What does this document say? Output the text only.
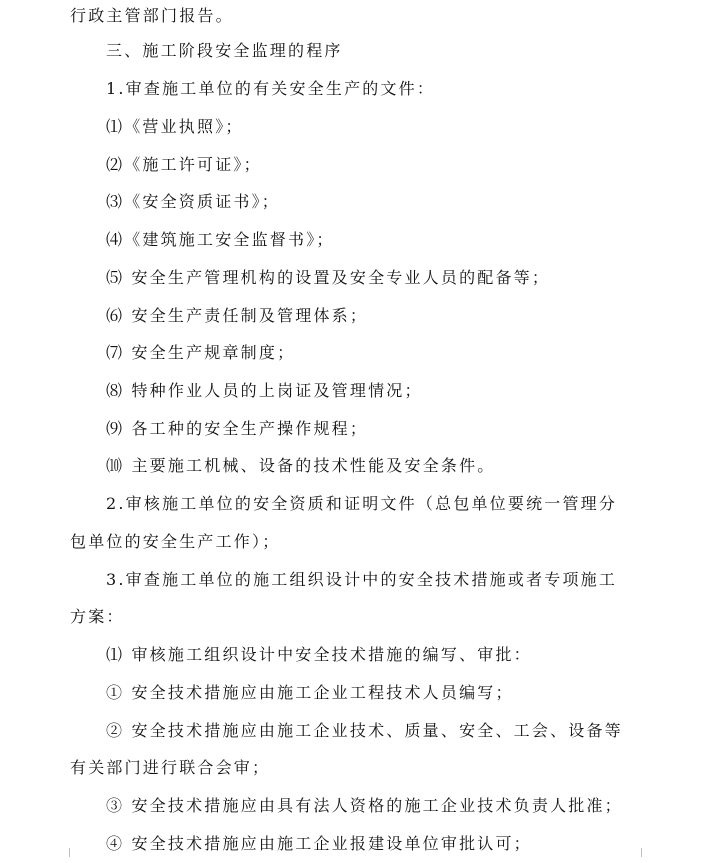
行政主管部门报告。
三、施工阶段安全监理的程序
1.审查施工单位的有关安全生产的文件：
⑴《营业执照》；
⑵《施工许可证》；
⑶《安全资质证书》；
⑷《建筑施工安全监督书》；
⑸ 安全生产管理机构的设置及安全专业人员的配备等；
⑹ 安全生产责任制及管理体系；
⑺ 安全生产规章制度；
⑻ 特种作业人员的上岗证及管理情况；
⑼ 各工种的安全生产操作规程；
⑽ 主要施工机械、设备的技术性能及安全条件。
2.审核施工单位的安全资质和证明文件（总包单位要统一管理分
包单位的安全生产工作）；
3.审查施工单位的施工组织设计中的安全技术措施或者专项施工
方案：
⑴ 审核施工组织设计中安全技术措施的编写、审批：
① 安全技术措施应由施工企业工程技术人员编写；
② 安全技术措施应由施工企业技术、质量、安全、工会、设备等
有关部门进行联合会审；
③ 安全技术措施应由具有法人资格的施工企业技术负责人批准；
④ 安全技术措施应由施工企业报建设单位审批认可；
